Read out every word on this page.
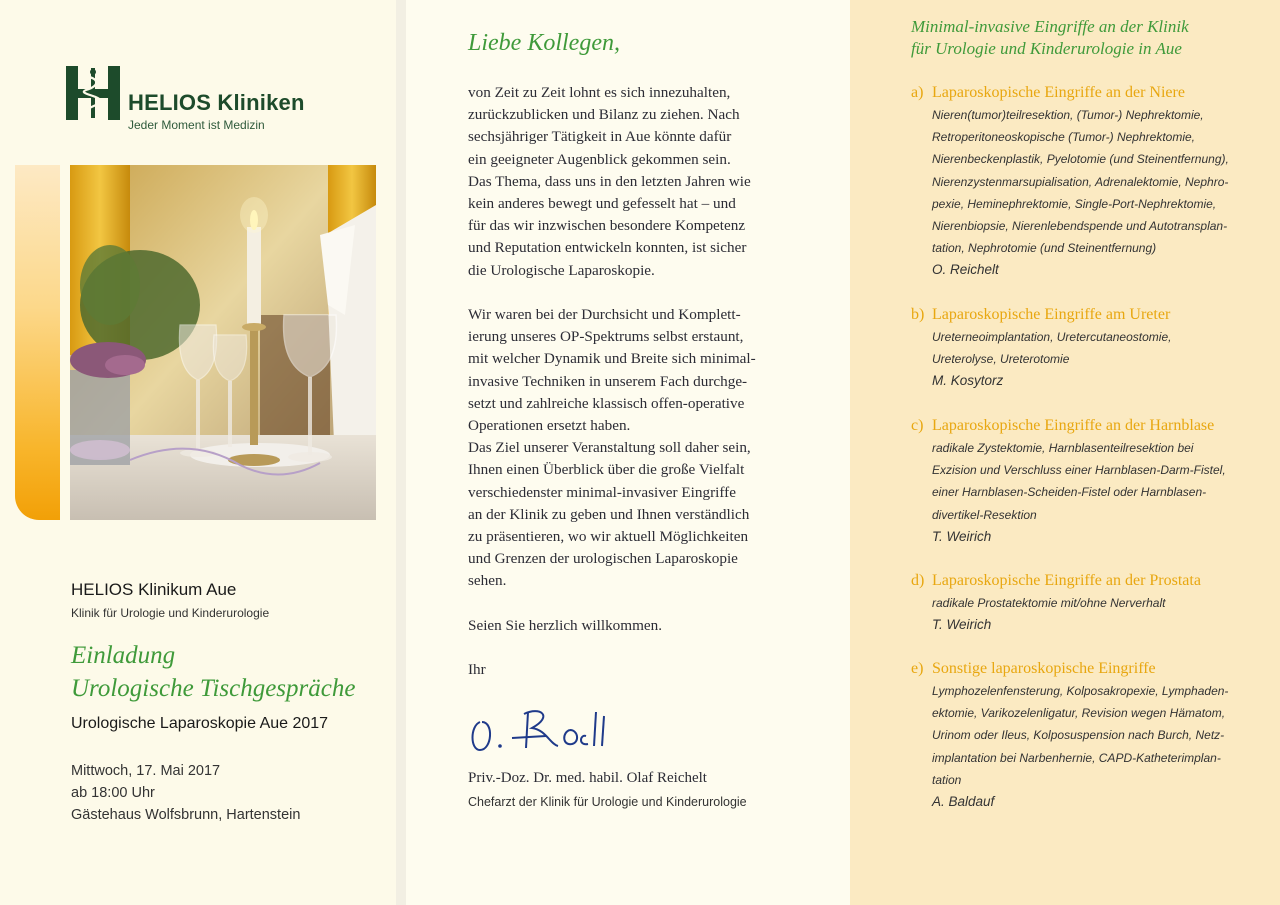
HELIOS Kliniken
Jeder Moment ist Medizin
HELIOS Klinikum Aue
Klinik für Urologie und Kinderurologie
Einladung
Urologische Tischgespräche
Urologische Laparoskopie Aue 2017
Mittwoch, 17. Mai 2017
ab 18:00 Uhr
Gästehaus Wolfsbrunn, Hartenstein
Liebe Kollegen,
von Zeit zu Zeit lohnt es sich innezuhalten,
zurückzublicken und Bilanz zu ziehen. Nach
sechsjähriger Tätigkeit in Aue könnte dafür
ein geeigneter Augenblick gekommen sein.
Das Thema, dass uns in den letzten Jahren wie
kein anderes bewegt und gefesselt hat – und
für das wir inzwischen besondere Kompetenz
und Reputation entwickeln konnten, ist sicher
die Urologische Laparoskopie.
Wir waren bei der Durchsicht und Komplett-
ierung unseres OP-Spektrums selbst erstaunt,
mit welcher Dynamik und Breite sich minimal-
invasive Techniken in unserem Fach durchge-
setzt und zahlreiche klassisch offen-operative
Operationen ersetzt haben.
Das Ziel unserer Veranstaltung soll daher sein,
Ihnen einen Überblick über die große Vielfalt
verschiedenster minimal-invasiver Eingriffe
an der Klinik zu geben und Ihnen verständlich
zu präsentieren, wo wir aktuell Möglichkeiten
und Grenzen der urologischen Laparoskopie
sehen.
Seien Sie herzlich willkommen.
Ihr
Priv.-Doz. Dr. med. habil. Olaf Reichelt
Chefarzt der Klinik für Urologie und Kinderurologie
Minimal-invasive Eingriffe an der Klinik
für Urologie und Kinderurologie in Aue
a) Laparoskopische Eingriffe an der Niere
Nieren(tumor)teilresektion, (Tumor-) Nephrektomie,
Retroperitoneoskopische (Tumor-) Nephrektomie,
Nierenbeckenplastik, Pyelotomie (und Steinentfernung),
Nierenzystenmarsupialisation, Adrenalektomie, Nephro-
pexie, Heminephrektomie, Single-Port-Nephrektomie,
Nierenbiopsie, Nierenlebendspende und Autotransplan-
tation, Nephrotomie (und Steinentfernung)
O. Reichelt
b) Laparoskopische Eingriffe am Ureter
Ureterneoimplantation, Uretercutaneostomie,
Ureterolyse, Ureterotomie
M. Kosytorz
c) Laparoskopische Eingriffe an der Harnblase
radikale Zystektomie, Harnblasenteilresektion bei
Exzision und Verschluss einer Harnblasen-Darm-Fistel,
einer Harnblasen-Scheiden-Fistel oder Harnblasen-
divertikel-Resektion
T. Weirich
d) Laparoskopische Eingriffe an der Prostata
radikale Prostatektomie mit/ohne Nerverhalt
T. Weirich
e) Sonstige laparoskopische Eingriffe
Lymphozelenfensterung, Kolposakropexie, Lymphaden-
ektomie, Varikozelenligatur, Revision wegen Hämatom,
Urinom oder Ileus, Kolposuspension nach Burch, Netz-
implantation bei Narbenhernie, CAPD-Katheterimplan-
tation
A. Baldauf
